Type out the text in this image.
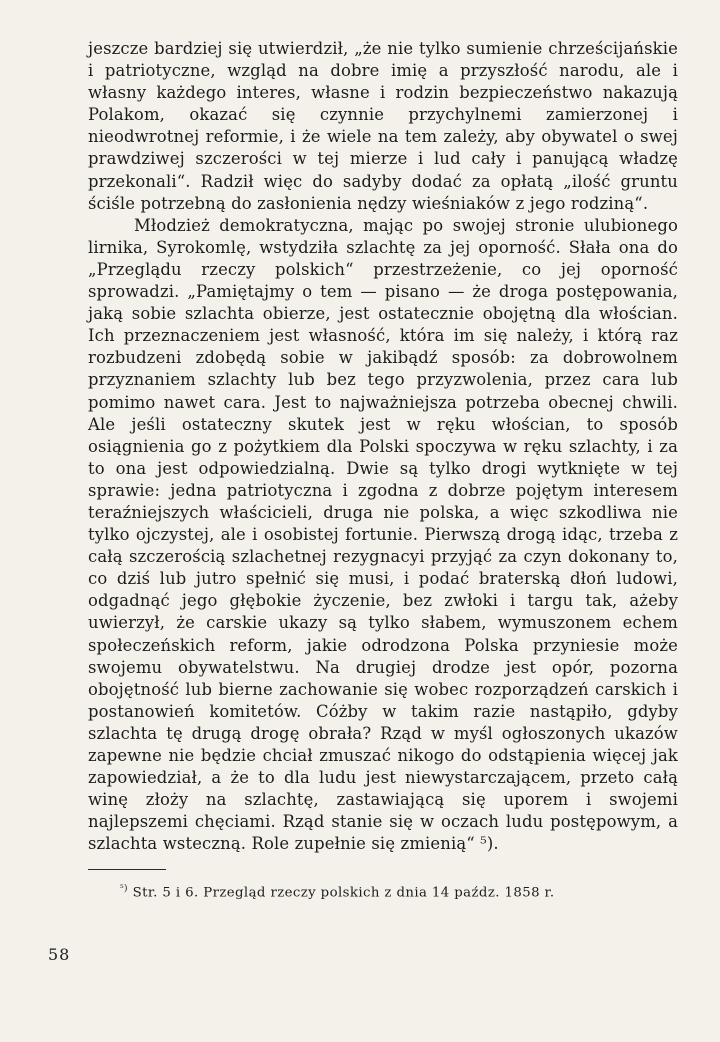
jeszcze bardziej się utwierdził, „że nie tylko sumienie chrześcijańskie i patriotyczne, wzgląd na dobre imię a przyszłość narodu, ale i własny każdego interes, własne i rodzin bezpieczeństwo nakazują Polakom, okazać się czynnie przychylnemi zamierzonej i nieodwrotnej reformie, i że wiele na tem zależy, aby obywatel o swej prawdziwej szczerości w tej mierze i lud cały i panującą władzę przekonali“. Radził więc do sadyby dodać za opłatą „ilość gruntu ściśle potrzebną do zasłonienia nędzy wieśniaków z jego rodziną“.

Młodzież demokratyczna, mając po swojej stronie ulubionego lirnika, Syrokomlę, wstydziła szlachtę za jej oporność. Słała ona do „Przeglądu rzeczy polskich“ przestrzeżenie, co jej oporność sprowadzi. „Pamiętajmy o tem — pisano — że droga postępowania, jaką sobie szlachta obierze, jest ostatecznie obojętną dla włościan. Ich przeznaczeniem jest własność, która im się należy, i którą raz rozbudzeni zdobędą sobie w jakibądź sposób: za dobrowolnem przyznaniem szlachty lub bez tego przyzwolenia, przez cara lub pomimo nawet cara. Jest to najważniejsza potrzeba obecnej chwili. Ale jeśli ostateczny skutek jest w ręku włościan, to sposób osiągnienia go z pożytkiem dla Polski spoczywa w ręku szlachty, i za to ona jest odpowiedzialną. Dwie są tylko drogi wytknięte w tej sprawie: jedna patriotyczna i zgodna z dobrze pojętym interesem teraźniejszych właścicieli, druga nie polska, a więc szkodliwa nie tylko ojczystej, ale i osobistej fortunie. Pierwszą drogą idąc, trzeba z całą szczerością szlachetnej rezygnacyi przyjąć za czyn dokonany to, co dziś lub jutro spełnić się musi, i podać braterską dłoń ludowi, odgadnąć jego głębokie życzenie, bez zwłoki i targu tak, ażeby uwierzył, że carskie ukazy są tylko słabem, wymuszonem echem społeczeńskich reform, jakie odrodzona Polska przyniesie może swojemu obywatelstwu. Na drugiej drodze jest opór, pozorna obojętność lub bierne zachowanie się wobec rozporządzeń carskich i postanowień komitetów. Cóżby w takim razie nastąpiło, gdyby szlachta tę drugą drogę obrała? Rząd w myśl ogłoszonych ukazów zapewne nie będzie chciał zmuszać nikogo do odstąpienia więcej jak zapowiedział, a że to dla ludu jest niewystarczającem, przeto całą winę złoży na szlachtę, zastawiającą się uporem i swojemi najlepszemi chęciami. Rząd stanie się w oczach ludu postępowym, a szlachta wsteczną. Role zupełnie się zmienią“ ⁵).

$^{^5)}$ Str. 5 i 6. Przegląd rzeczy polskich z dnia 14 paźdz. 1858 r.

58
